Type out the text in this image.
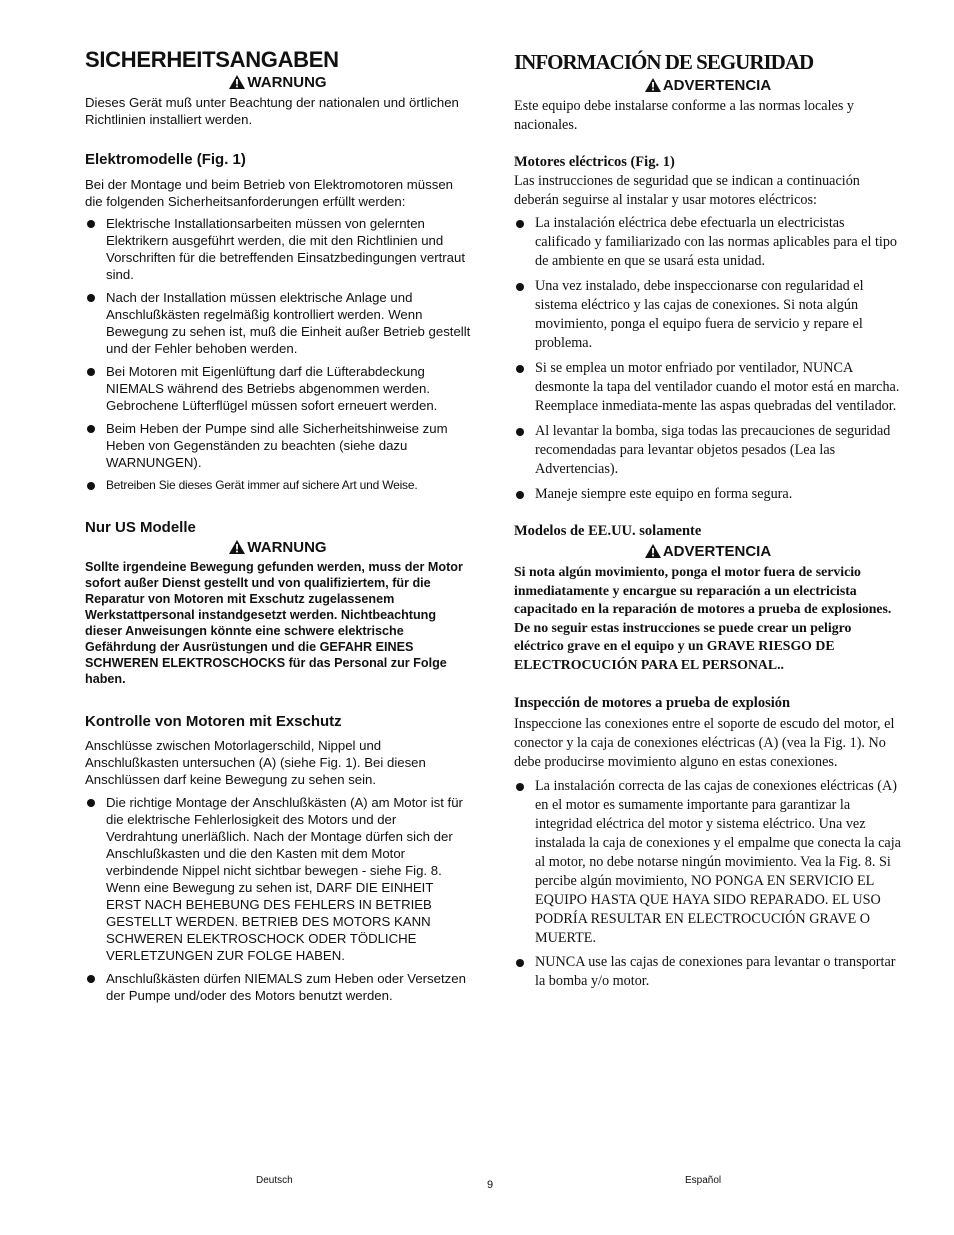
SICHERHEITSANGABEN
WARNUNG

Dieses Gerät muß unter Beachtung der nationalen und örtlichen Richtlinien installiert werden.

Elektromodelle (Fig. 1)

Bei der Montage und beim Betrieb von Elektromotoren müssen die folgenden Sicherheitsanforderungen erfüllt werden:

Elektrische Installationsarbeiten müssen von gelernten Elektrikern ausgeführt werden, die mit den Richtlinien und Vorschriften für die betreffenden Einsatzbedingungen vertraut sind.
Nach der Installation müssen elektrische Anlage und Anschlußkästen regelmäßig kontrolliert werden. Wenn Bewegung zu sehen ist, muß die Einheit außer Betrieb gestellt und der Fehler behoben werden.
Bei Motoren mit Eigenlüftung darf die Lüfterabdeckung NIEMALS während des Betriebs abgenommen werden. Gebrochene Lüfterflügel müssen sofort erneuert werden.
Beim Heben der Pumpe sind alle Sicherheitshinweise zum Heben von Gegenständen zu beachten (siehe dazu WARNUNGEN).
Betreiben Sie dieses Gerät immer auf sichere Art und Weise.
Nur US Modelle
WARNUNG

Sollte irgendeine Bewegung gefunden werden, muss der Motor sofort außer Dienst gestellt und von qualifiziertem, für die Reparatur von Motoren mit Exschutz zugelassenem Werkstattpersonal instandgesetzt werden. Nichtbeachtung dieser Anweisungen könnte eine schwere elektrische Gefährdung der Ausrüstungen und die GEFAHR EINES SCHWEREN ELEKTROSCHOCKS für das Personal zur Folge haben.

Kontrolle von Motoren mit Exschutz

Anschlüsse zwischen Motorlagerschild, Nippel und Anschlußkasten untersuchen (A) (siehe Fig. 1). Bei diesen Anschlüssen darf keine Bewegung zu sehen sein.

Die richtige Montage der Anschlußkästen (A) am Motor ist für die elektrische Fehlerlosigkeit des Motors und der Verdrahtung unerläßlich. Nach der Montage dürfen sich der Anschlußkasten und die den Kasten mit dem Motor verbindende Nippel nicht sichtbar bewegen - siehe Fig. 8. Wenn eine Bewegung zu sehen ist, DARF DIE EINHEIT ERST NACH BEHEBUNG DES FEHLERS IN BETRIEB GESTELLT WERDEN. BETRIEB DES MOTORS KANN SCHWEREN ELEKTROSCHOCK ODER TÖDLICHE VERLETZUNGEN ZUR FOLGE HABEN.
Anschlußkästen dürfen NIEMALS zum Heben oder Versetzen der Pumpe und/oder des Motors benutzt werden.
INFORMACIÓN DE SEGURIDAD
ADVERTENCIA

Este equipo debe instalarse conforme a las normas locales y nacionales.

Motores eléctricos (Fig. 1)

Las instrucciones de seguridad que se indican a continuación deberán seguirse al instalar y usar motores eléctricos:

La instalación eléctrica debe efectuarla un electricistas calificado y familiarizado con las normas aplicables para el tipo de ambiente en que se usará esta unidad.
Una vez instalado, debe inspeccionarse con regularidad el sistema eléctrico y las cajas de conexiones. Si nota algún movimiento, ponga el equipo fuera de servicio y repare el problema.
Si se emplea un motor enfriado por ventilador, NUNCA desmonte la tapa del ventilador cuando el motor está en marcha. Reemplace inmediata-mente las aspas quebradas del ventilador.
Al levantar la bomba, siga todas las precauciones de seguridad recomendadas para levantar objetos pesados (Lea las Advertencias).
Maneje siempre este equipo en forma segura.
Modelos de EE.UU. solamente
ADVERTENCIA

Si nota algún movimiento, ponga el motor fuera de servicio inmediatamente y encargue su reparación a un electricista capacitado en la reparación de motores a prueba de explosiones. De no seguir estas instrucciones se puede crear un peligro eléctrico grave en el equipo y un GRAVE RIESGO DE ELECTROCUCIÓN PARA EL PERSONAL..

Inspección de motores a prueba de explosión

Inspeccione las conexiones entre el soporte de escudo del motor, el conector y la caja de conexiones eléctricas (A) (vea la Fig. 1). No debe producirse movimiento alguno en estas conexiones.

La instalación correcta de las cajas de conexiones eléctricas (A) en el motor es sumamente importante para garantizar la integridad eléctrica del motor y sistema eléctrico. Una vez instalada la caja de conexiones y el empalme que conecta la caja al motor, no debe notarse ningún movimiento. Vea la Fig. 8. Si percibe algún movimiento, NO PONGA EN SERVICIO EL EQUIPO HASTA QUE HAYA SIDO REPARADO. EL USO PODRÍA RESULTAR EN ELECTROCUCIÓN GRAVE O MUERTE.
NUNCA use las cajas de conexiones para levantar o transportar la bomba y/o motor.
Deutsch	9	Español
